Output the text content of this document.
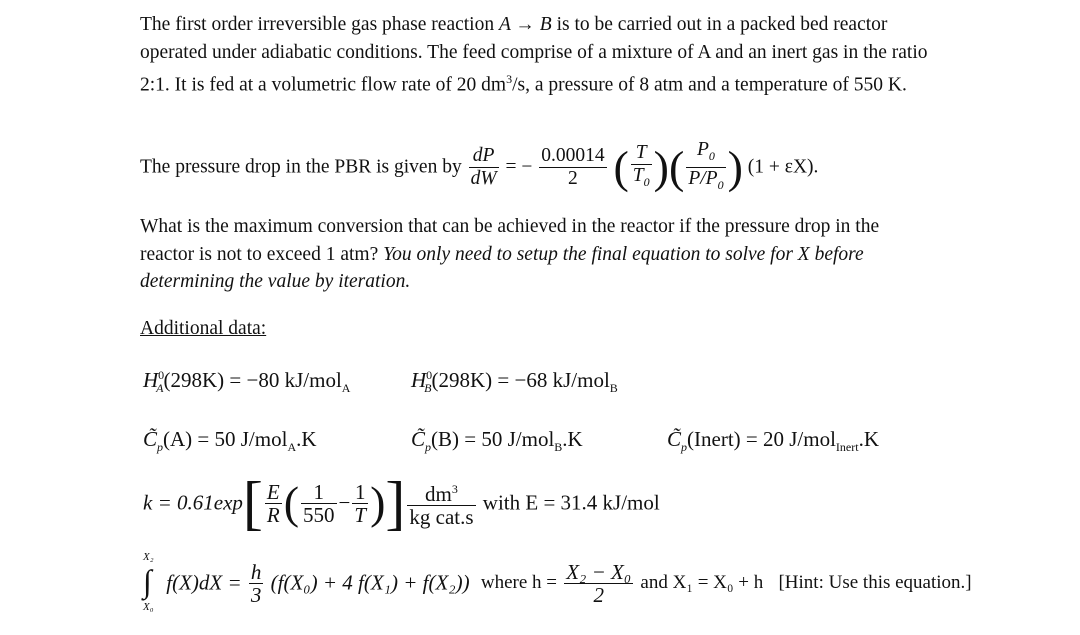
The first order irreversible gas phase reaction A → B is to be carried out in a packed bed reactor operated under adiabatic conditions. The feed comprise of a mixture of A and an inert gas in the ratio 2:1. It is fed at a volumetric flow rate of 20 $dm^3/s$, a pressure of 8 atm and a temperature of 550 K.
The pressure drop in the PBR is given by $\frac{dP}{dW}$ = − $\frac{0.00014}{2}$ ( $\frac{T}{T_0}$ )( $\frac{P_0}{P/P_0}$ ) (1 + εX).
What is the maximum conversion that can be achieved in the reactor if the pressure drop in the reactor is not to exceed 1 atm? You only need to setup the final equation to solve for X before determining the value by iteration.
Additional data:
$H^0_A(298K) = -80$ kJ/mol$_A$	$H^0_B(298K) = -68$ kJ/mol$_B$
$C̃_p(A) = 50$ J/mol$_A$.K	$C̃_p(B) = 50$ J/mol$_B$.K	$C̃_p(Inert) = 20$ J/mol$_{Inert}$.K
$k = 0.61\exp[ \frac{E}{R}$ ( $\frac{1}{550} - \frac{1}{T}$ )] $\frac{dm^3}{\text{kg cat.s}}$ with E = 31.4 kJ/mol
∫
X₂
X₀
$f(X)dX = \frac{h}{3} (f(X_0) + 4$ f(X₁) + f(X₂)) where $h = \frac{\text{X₂ − X₀}}{2}$ and X₁ = X₀ + h [Hint: Use this equation.]
